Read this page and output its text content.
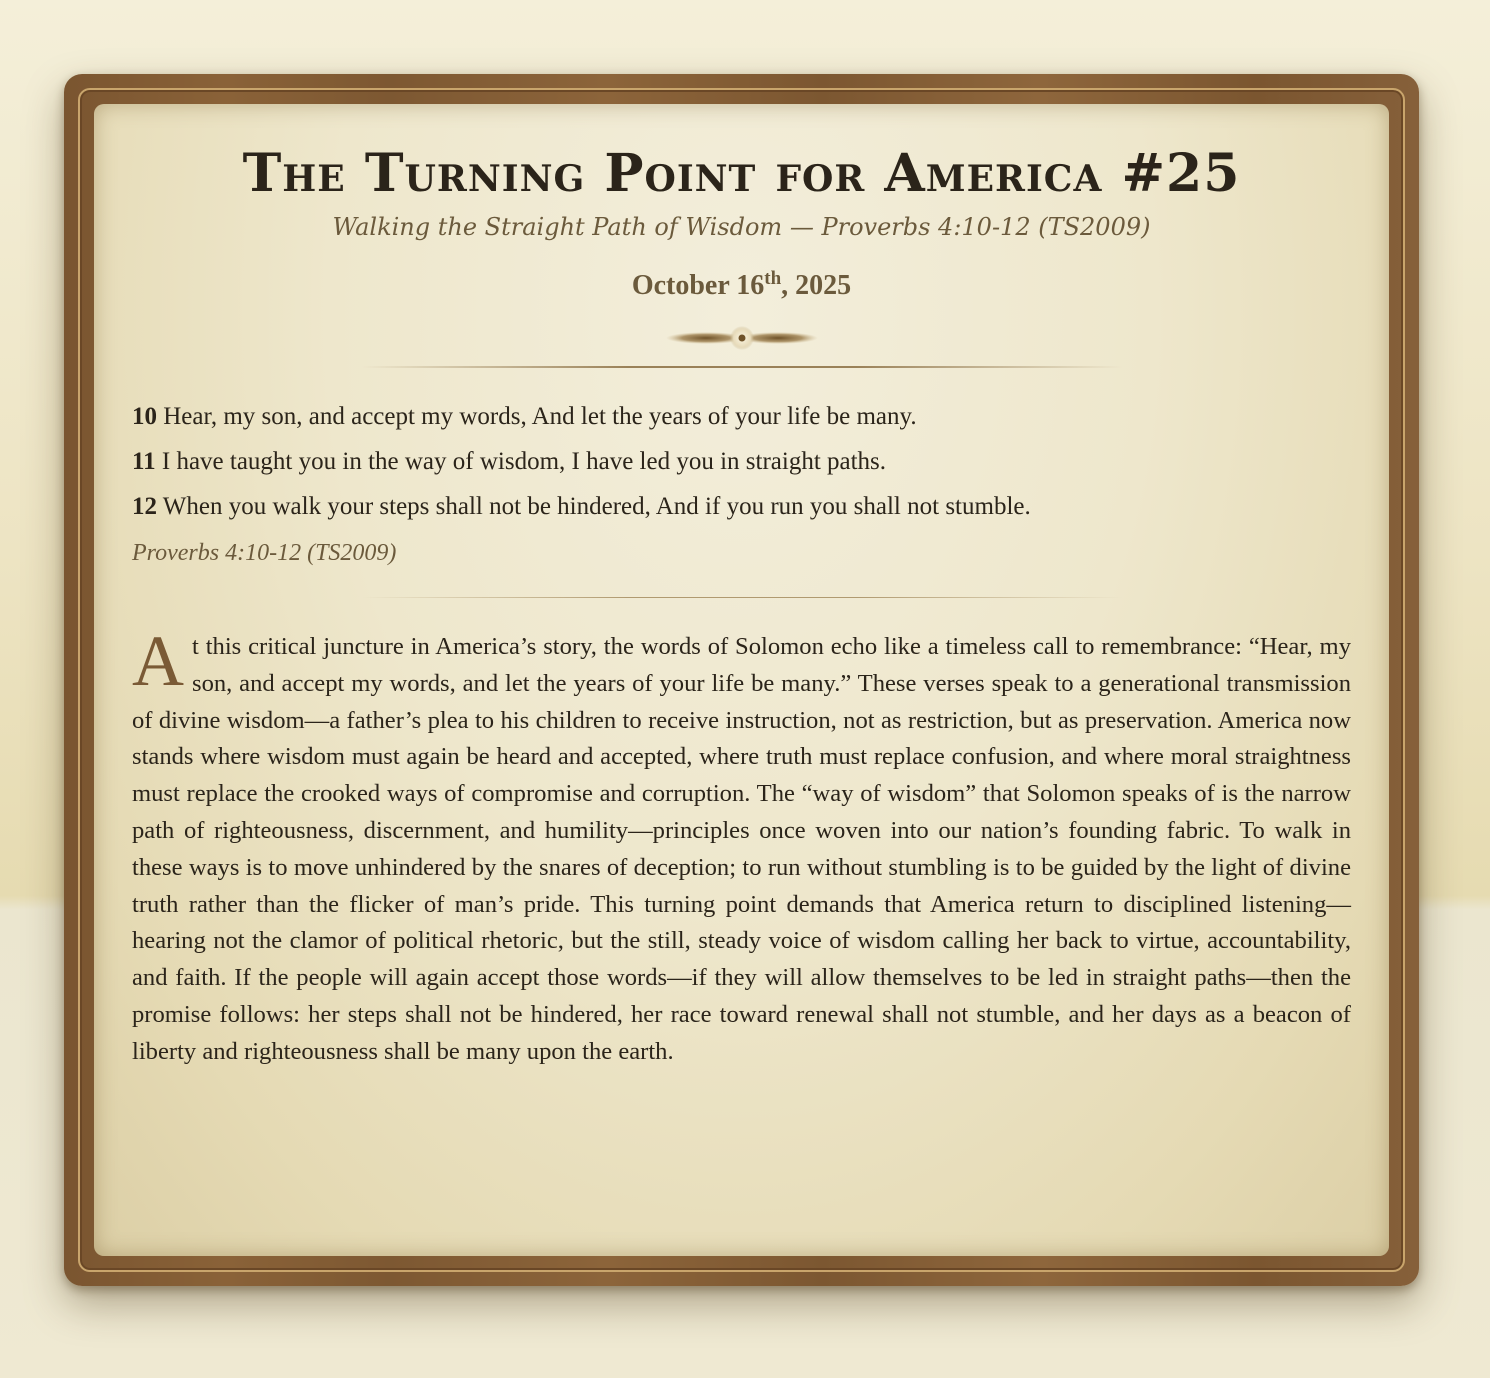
The Turning Point for America #25

Walking the Straight Path of Wisdom — Proverbs 4:10-12 (TS2009)

October 16th, 2025

10 Hear, my son, and accept my words, And let the years of your life be many.
11 I have taught you in the way of wisdom, I have led you in straight paths.
12 When you walk your steps shall not be hindered, And if you run you shall not stumble.
Proverbs 4:10-12 (TS2009)
At this critical juncture in America’s story, the words of Solomon echo like a timeless call to remembrance: “Hear, my son, and accept my words, and let the years of your life be many.” These verses speak to a generational transmission of divine wisdom—a father’s plea to his children to receive instruction, not as restriction, but as preservation. America now stands where wisdom must again be heard and accepted, where truth must replace confusion, and where moral straightness must replace the crooked ways of compromise and corruption. The “way of wisdom” that Solomon speaks of is the narrow path of righteousness, discernment, and humility—principles once woven into our nation’s founding fabric. To walk in these ways is to move unhindered by the snares of deception; to run without stumbling is to be guided by the light of divine truth rather than the flicker of man’s pride. This turning point demands that America return to disciplined listening—hearing not the clamor of political rhetoric, but the still, steady voice of wisdom calling her back to virtue, accountability, and faith. If the people will again accept those words—if they will allow themselves to be led in straight paths—then the promise follows: her steps shall not be hindered, her race toward renewal shall not stumble, and her days as a beacon of liberty and righteousness shall be many upon the earth.
